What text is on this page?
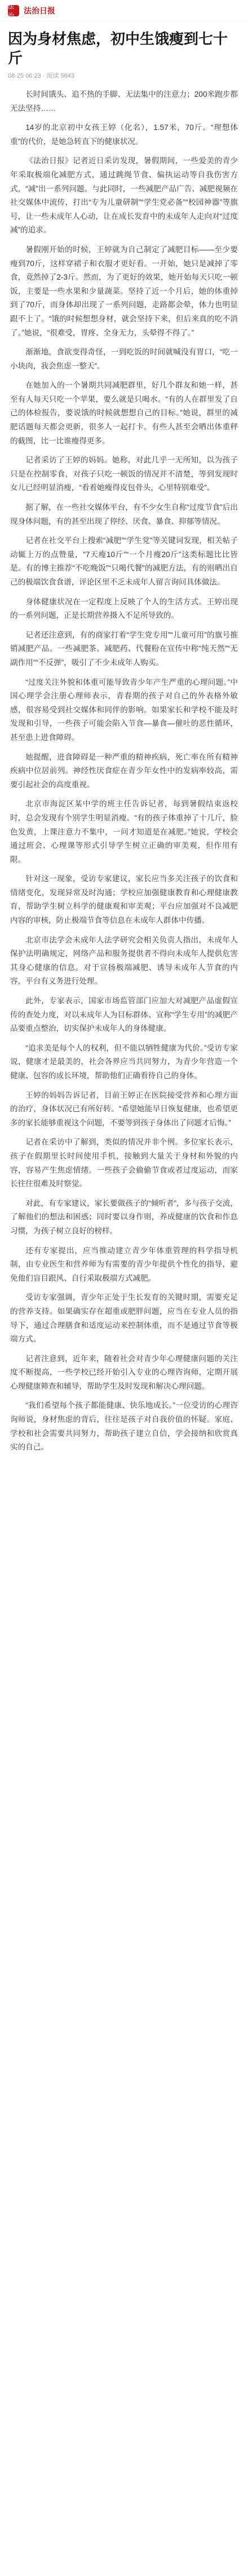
法治
法治日报
因为身材焦虑，初中生饿瘦到七十斤
08-25 06:23 · 阅读 5643

长时间饿头、追不热的手脚、无法集中的注意力；200米跑步都无法坚持……

14岁的北京初中女孩王婷（化名），1.57米，70斤。“理想体重”的代价，是她急转直下的健康状况。

《法治日报》记者近日采访发现，暑假期间，一些爱美的青少年采取极端化减肥方式，通过跳绳节食、偏执运动等自我伤害方式，“减”出一系列问题。与此同时，一些减肥产品广告、减肥视频在社交媒体中流传，打出“专为儿童研制”“学生党必备”“校园神器”等旗号，让一些未成年人心动，让在成长发育中的未成年人走向对“过度减”的追求。

暑假刚开始的时候，王婷就为自己制定了减肥目标——至少要瘦到70斤，这样穿裙子和衣服才更好看。一开始，她只是减掉了零食，竟然掉了2-3斤。然而，为了更好的效果，她开始每天只吃一顿饭，主要是一些水果和少量蔬菜。坚持了近一个月后，她的体重掉到了70斤，而身体却出现了一系列问题，走路都会晕，体力也明显跟不上了。“饿的时候想想身材，就会坚持下来，但后来真的吃不消了。”她说，“很难受，胃疼、全身无力，头晕得不得了。”

渐渐地，食欲变得奇怪，一到吃饭的时间就喊没有胃口，“吃一小块肉，我会焦虑一整天”。

在她加入的一个暑期共同减肥群里，好几个群友和她一样，甚至有人每天只吃一个苹果，要么就是只喝水。“有的人在群里发了自己的体检报告，要说饿的时候就想想自己的目标。”她说，群里的减肥话题每天都会更新，很多人一起打卡。有些人甚至会晒出体重秤的截图，比一比谁瘦得更多。

记者采访了王婷的妈妈。她称，对此几乎一无所知，以为孩子只是在控制零食，对孩子只吃一顿饭的情况并不清楚，等到发现时女儿已经明显消瘦，“看着她瘦得皮包骨头，心里特别难受”。

据了解，在一些社交媒体平台，有不少女生自称“过度节食”后出现身体问题，有的甚至出现了停经、厌食、暴食、抑郁等情况。

记者在社交平台上搜索“减肥”“学生党”等关键词发现，相关帖子动辄上万的点赞量，“7天瘦10斤”“一个月瘦20斤”这类标题比比皆是。有的博主推荐“不吃晚饭”“只喝代餐”的减肥方法，有的则晒出自己的极端饮食食谱，评论区里不乏未成年人留言询问具体做法。

身体健康状况在一定程度上反映了个人的生活方式。王婷出现的一系列问题，正是长期营养摄入不足所导致的。

记者还注意到，有的商家打着“学生党专用”“儿童可用”的旗号推销减肥产品。一些减肥茶、减肥药、代餐粉在宣传中称“纯天然”“无副作用”“不反弹”，吸引了不少未成年人购买。

“过度关注外貌和体重可能导致青少年产生严重的心理问题。”中国心理学会注册心理师表示，青春期的孩子对自己的外表格外敏感，很容易受到社交媒体和同伴的影响。如果家长和学校不能及时发现和引导，一些孩子可能会陷入节食—暴食—催吐的恶性循环，甚至患上进食障碍。

她提醒，进食障碍是一种严重的精神疾病，死亡率在所有精神疾病中位居前列。神经性厌食症在青少年女性中的发病率较高，需要引起社会的高度重视。

北京市海淀区某中学的班主任告诉记者，每到暑假结束返校时，总会发现有个别学生明显消瘦。“有的孩子体重掉了十几斤，脸色发黄，上课注意力不集中，一问才知道是在减肥。”她说，学校会通过班会、心理课等形式引导学生树立正确的审美观，但作用有限。

针对这一现象，受访专家建议，家长应当多关注孩子的饮食和情绪变化，发现异常及时沟通；学校应加强健康教育和心理健康教育，帮助学生树立科学的健康观和审美观；平台应加强对不良减肥内容的审核，防止极端节食等信息在未成年人群体中传播。

北京市法学会未成年人法学研究会相关负责人指出，未成年人保护法明确规定，网络产品和服务提供者不得向未成年人提供危害其身心健康的信息。对于宣扬极端减肥、诱导未成年人节食的内容，平台有义务进行处理。

此外，专家表示，国家市场监管部门应加大对减肥产品虚假宣传的查处力度，对以未成年人为目标群体、宣称“学生专用”的减肥产品要重点整治，切实保护未成年人的身体健康。

“追求美是每个人的权利，但不能以牺牲健康为代价。”受访专家说，健康才是最美的，社会各界应当共同努力，为青少年营造一个健康、包容的成长环境，帮助他们正确看待自己的身体。

王婷的妈妈告诉记者，目前王婷正在医院接受营养和心理方面的治疗，身体状况已有所好转。“希望她能早日恢复健康，也希望更多的家长能够重视这个问题，不要等到孩子身体出了问题才后悔。”

记者在采访中了解到，类似的情况并非个例。多位家长表示，孩子在假期里长时间使用手机，接触到大量关于身材和外貌的内容，容易产生焦虑情绪。一些孩子会偷偷节食或者过度运动，而家长往往很难及时察觉。

对此，有专家建议，家长要做孩子的“倾听者”，多与孩子交流，了解他们的想法和困惑；同时要以身作则，养成健康的饮食和作息习惯，为孩子树立良好的榜样。

还有专家提出，应当推动建立青少年体重管理的科学指导机制，由专业医生和营养师为有需要的青少年提供个性化的指导，避免他们盲目跟风、自行采取极端方式减肥。

受访专家强调，青少年正处于生长发育的关键时期，需要充足的营养支持。如果确实存在超重或肥胖问题，应当在专业人员的指导下，通过合理膳食和适度运动来控制体重，而不是通过节食等极端方式。

记者注意到，近年来，随着社会对青少年心理健康问题的关注度不断提高，一些学校已经开始引入专业的心理咨询师，定期开展心理健康筛查和辅导，帮助学生及时发现和解决心理问题。

“我们希望每个孩子都能健康、快乐地成长。”一位受访的心理咨询师说，身材焦虑的背后，往往是孩子对自我价值的怀疑。家庭、学校和社会需要共同努力，帮助孩子建立自信，学会接纳和欣赏真实的自己。
